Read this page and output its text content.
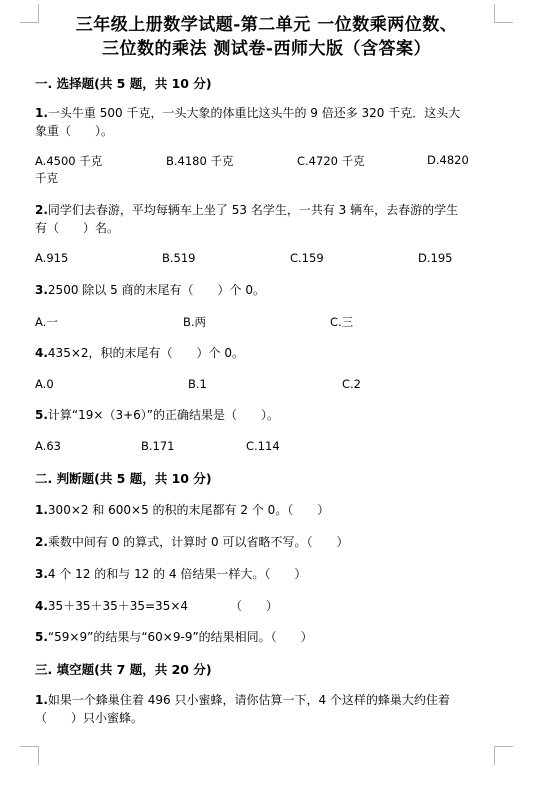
三年级上册数学试题-第二单元 一位数乘两位数、
三位数的乘法 测试卷-西师大版（含答案）
一. 选择题(共 5 题，共 10 分)
1.一头牛重 500 千克，一头大象的体重比这头牛的 9 倍还多 320 千克．这头大
象重（　　）。
A.4500 千克	B.4180 千克	C.4720 千克	D.4820
千克
2.同学们去春游，平均每辆车上坐了 53 名学生，一共有 3 辆车，去春游的学生
有（　　）名。
A.915	B.519	C.159	D.195
3.2500 除以 5 商的末尾有（　　）个 0。
A.一	B.两	C.三
4.435×2，积的末尾有（　　）个 0。
A.0	B.1	C.2
5.计算“19×（3+6）”的正确结果是（　　）。
A.63	B.171	C.114
二. 判断题(共 5 题，共 10 分)
1.300×2 和 600×5 的积的末尾都有 2 个 0。（　　）
2.乘数中间有 0 的算式，计算时 0 可以省略不写。（　　）
3.4 个 12 的和与 12 的 4 倍结果一样大。（　　）
4.35＋35＋35＋35=35×4　　　　（　　）
5.“59×9”的结果与“60×9-9”的结果相同。（　　）
三. 填空题(共 7 题，共 20 分)
1.如果一个蜂巢住着 496 只小蜜蜂，请你估算一下，4 个这样的蜂巢大约住着
（　　）只小蜜蜂。
